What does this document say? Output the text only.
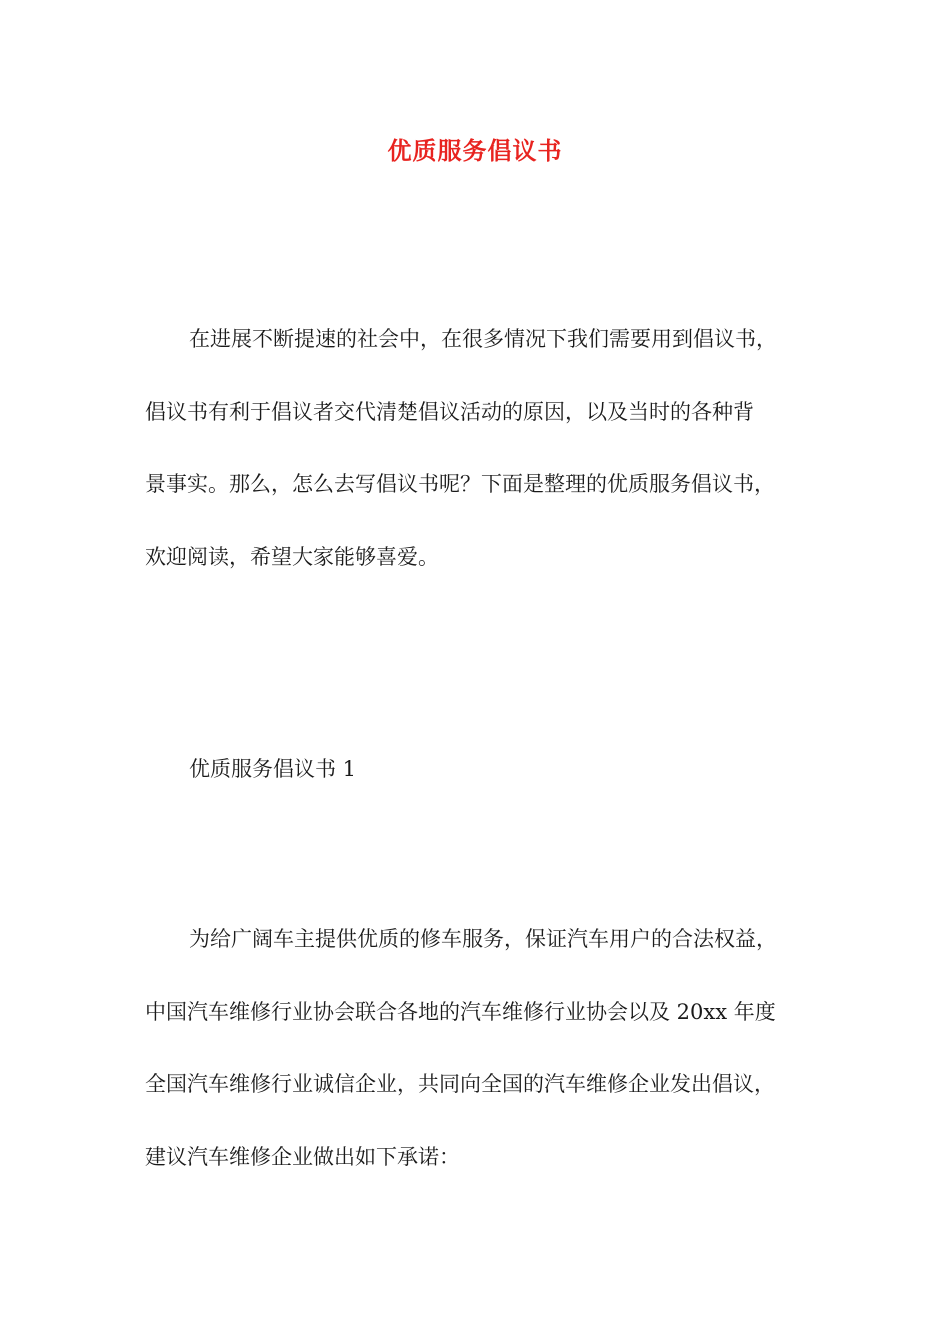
优质服务倡议书
在进展不断提速的社会中，在很多情况下我们需要用到倡议书，
倡议书有利于倡议者交代清楚倡议活动的原因，以及当时的各种背
景事实。那么，怎么去写倡议书呢？下面是整理的优质服务倡议书，
欢迎阅读，希望大家能够喜爱。
优质服务倡议书 1
为给广阔车主提供优质的修车服务，保证汽车用户的合法权益，
中国汽车维修行业协会联合各地的汽车维修行业协会以及 20xx 年度
全国汽车维修行业诚信企业，共同向全国的汽车维修企业发出倡议，
建议汽车维修企业做出如下承诺：
